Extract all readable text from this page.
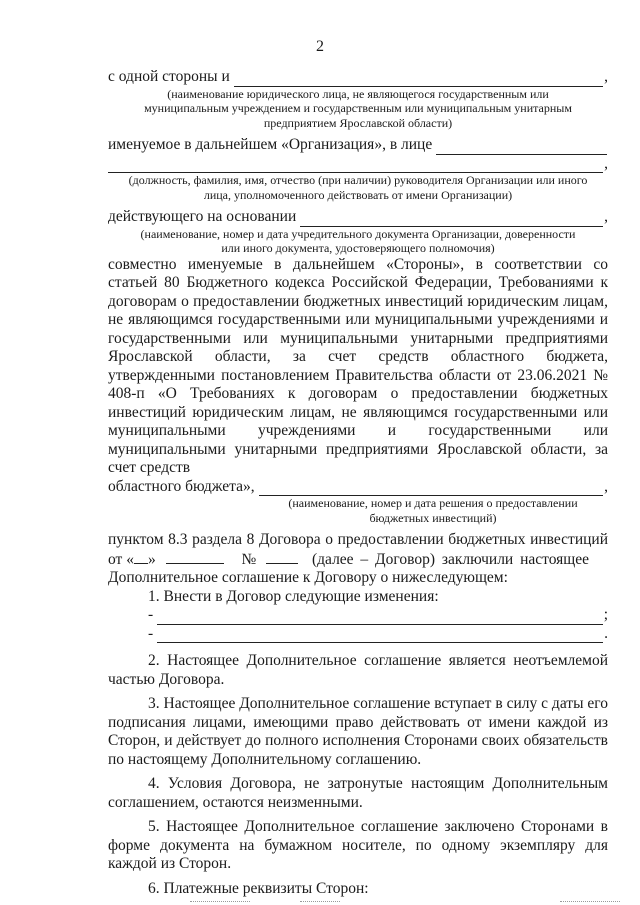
2
с одной стороны и	,
(наименование юридического лица, не являющегося государственным или
муниципальным учреждением и государственным или муниципальным унитарным
предприятием Ярославской области)
именуемое в дальнейшем «Организация», в лице
,
(должность, фамилия, имя, отчество (при наличии) руководителя Организации или иного
лица, уполномоченного действовать от имени Организации)
действующего на основании	,
(наименование, номер и дата учредительного документа Организации, доверенности
или иного документа, удостоверяющего полномочия)
совместно именуемые в дальнейшем «Стороны», в соответствии со статьей 80 Бюджетного кодекса Российской Федерации, Требованиями к договорам о предоставлении бюджетных инвестиций юридическим лицам, не являющимся государственными или муниципальными учреждениями и государственными или муниципальными унитарными предприятиями Ярославской области, за счет средств областного бюджета, утвержденными постановлением Правительства области от 23.06.2021 № 408-п «О Требованиях к договорам о предоставлении бюджетных инвестиций юридическим лицам, не являющимся государственными или муниципальными учреждениями и государственными или муниципальными унитарными предприятиями Ярославской области, за счет средств
областного бюджета»,	,
(наименование, номер и дата решения о предоставлении
бюджетных инвестиций)
пунктом 8.3 раздела 8 Договора о предоставлении бюджетных инвестиций
от « »	№	(далее – Договор) заключили настоящее
Дополнительное соглашение к Договору о нижеследующем:
1. Внести в Договор следующие изменения:
-	;
-	.
2. Настоящее Дополнительное соглашение является неотъемлемой частью Договора.
3. Настоящее Дополнительное соглашение вступает в силу с даты его подписания лицами, имеющими право действовать от имени каждой из Сторон, и действует до полного исполнения Сторонами своих обязательств по настоящему Дополнительному соглашению.
4. Условия Договора, не затронутые настоящим Дополнительным соглашением, остаются неизменными.
5. Настоящее Дополнительное соглашение заключено Сторонами в форме документа на бумажном носителе, по одному экземпляру для каждой из Сторон.
6. Платежные реквизиты Сторон:
